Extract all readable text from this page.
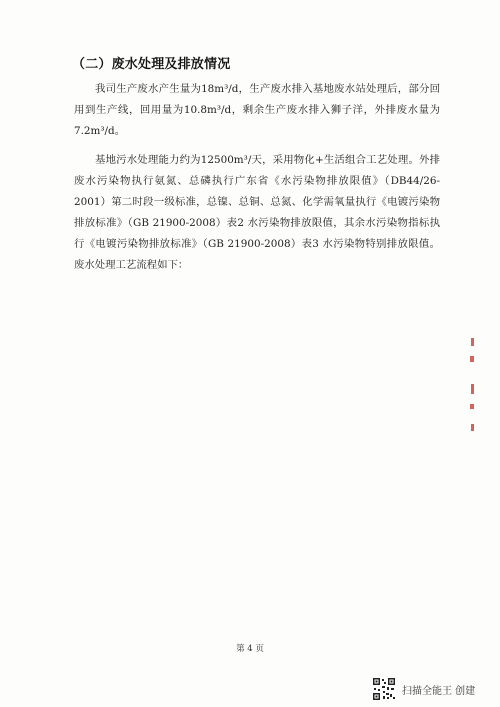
（二）废水处理及排放情况

我司生产废水产生量为18m³/d，生产废水排入基地废水站处理后，部分回用到生产线，回用量为10.8m³/d，剩余生产废水排入狮子洋，外排废水量为7.2m³/d。

基地污水处理能力约为12500m³/天，采用物化+生活组合工艺处理。外排废水污染物执行氨氮、总磷执行广东省《水污染物排放限值》（DB44/26-2001）第二时段一级标准，总镍、总铜、总氮、化学需氧量执行《电镀污染物排放标准》（GB 21900-2008）表2 水污染物排放限值，其余水污染物指标执行《电镀污染物排放标准》（GB 21900-2008）表3 水污染物特别排放限值。废水处理工艺流程如下：

第 4 页
扫描全能王 创建
